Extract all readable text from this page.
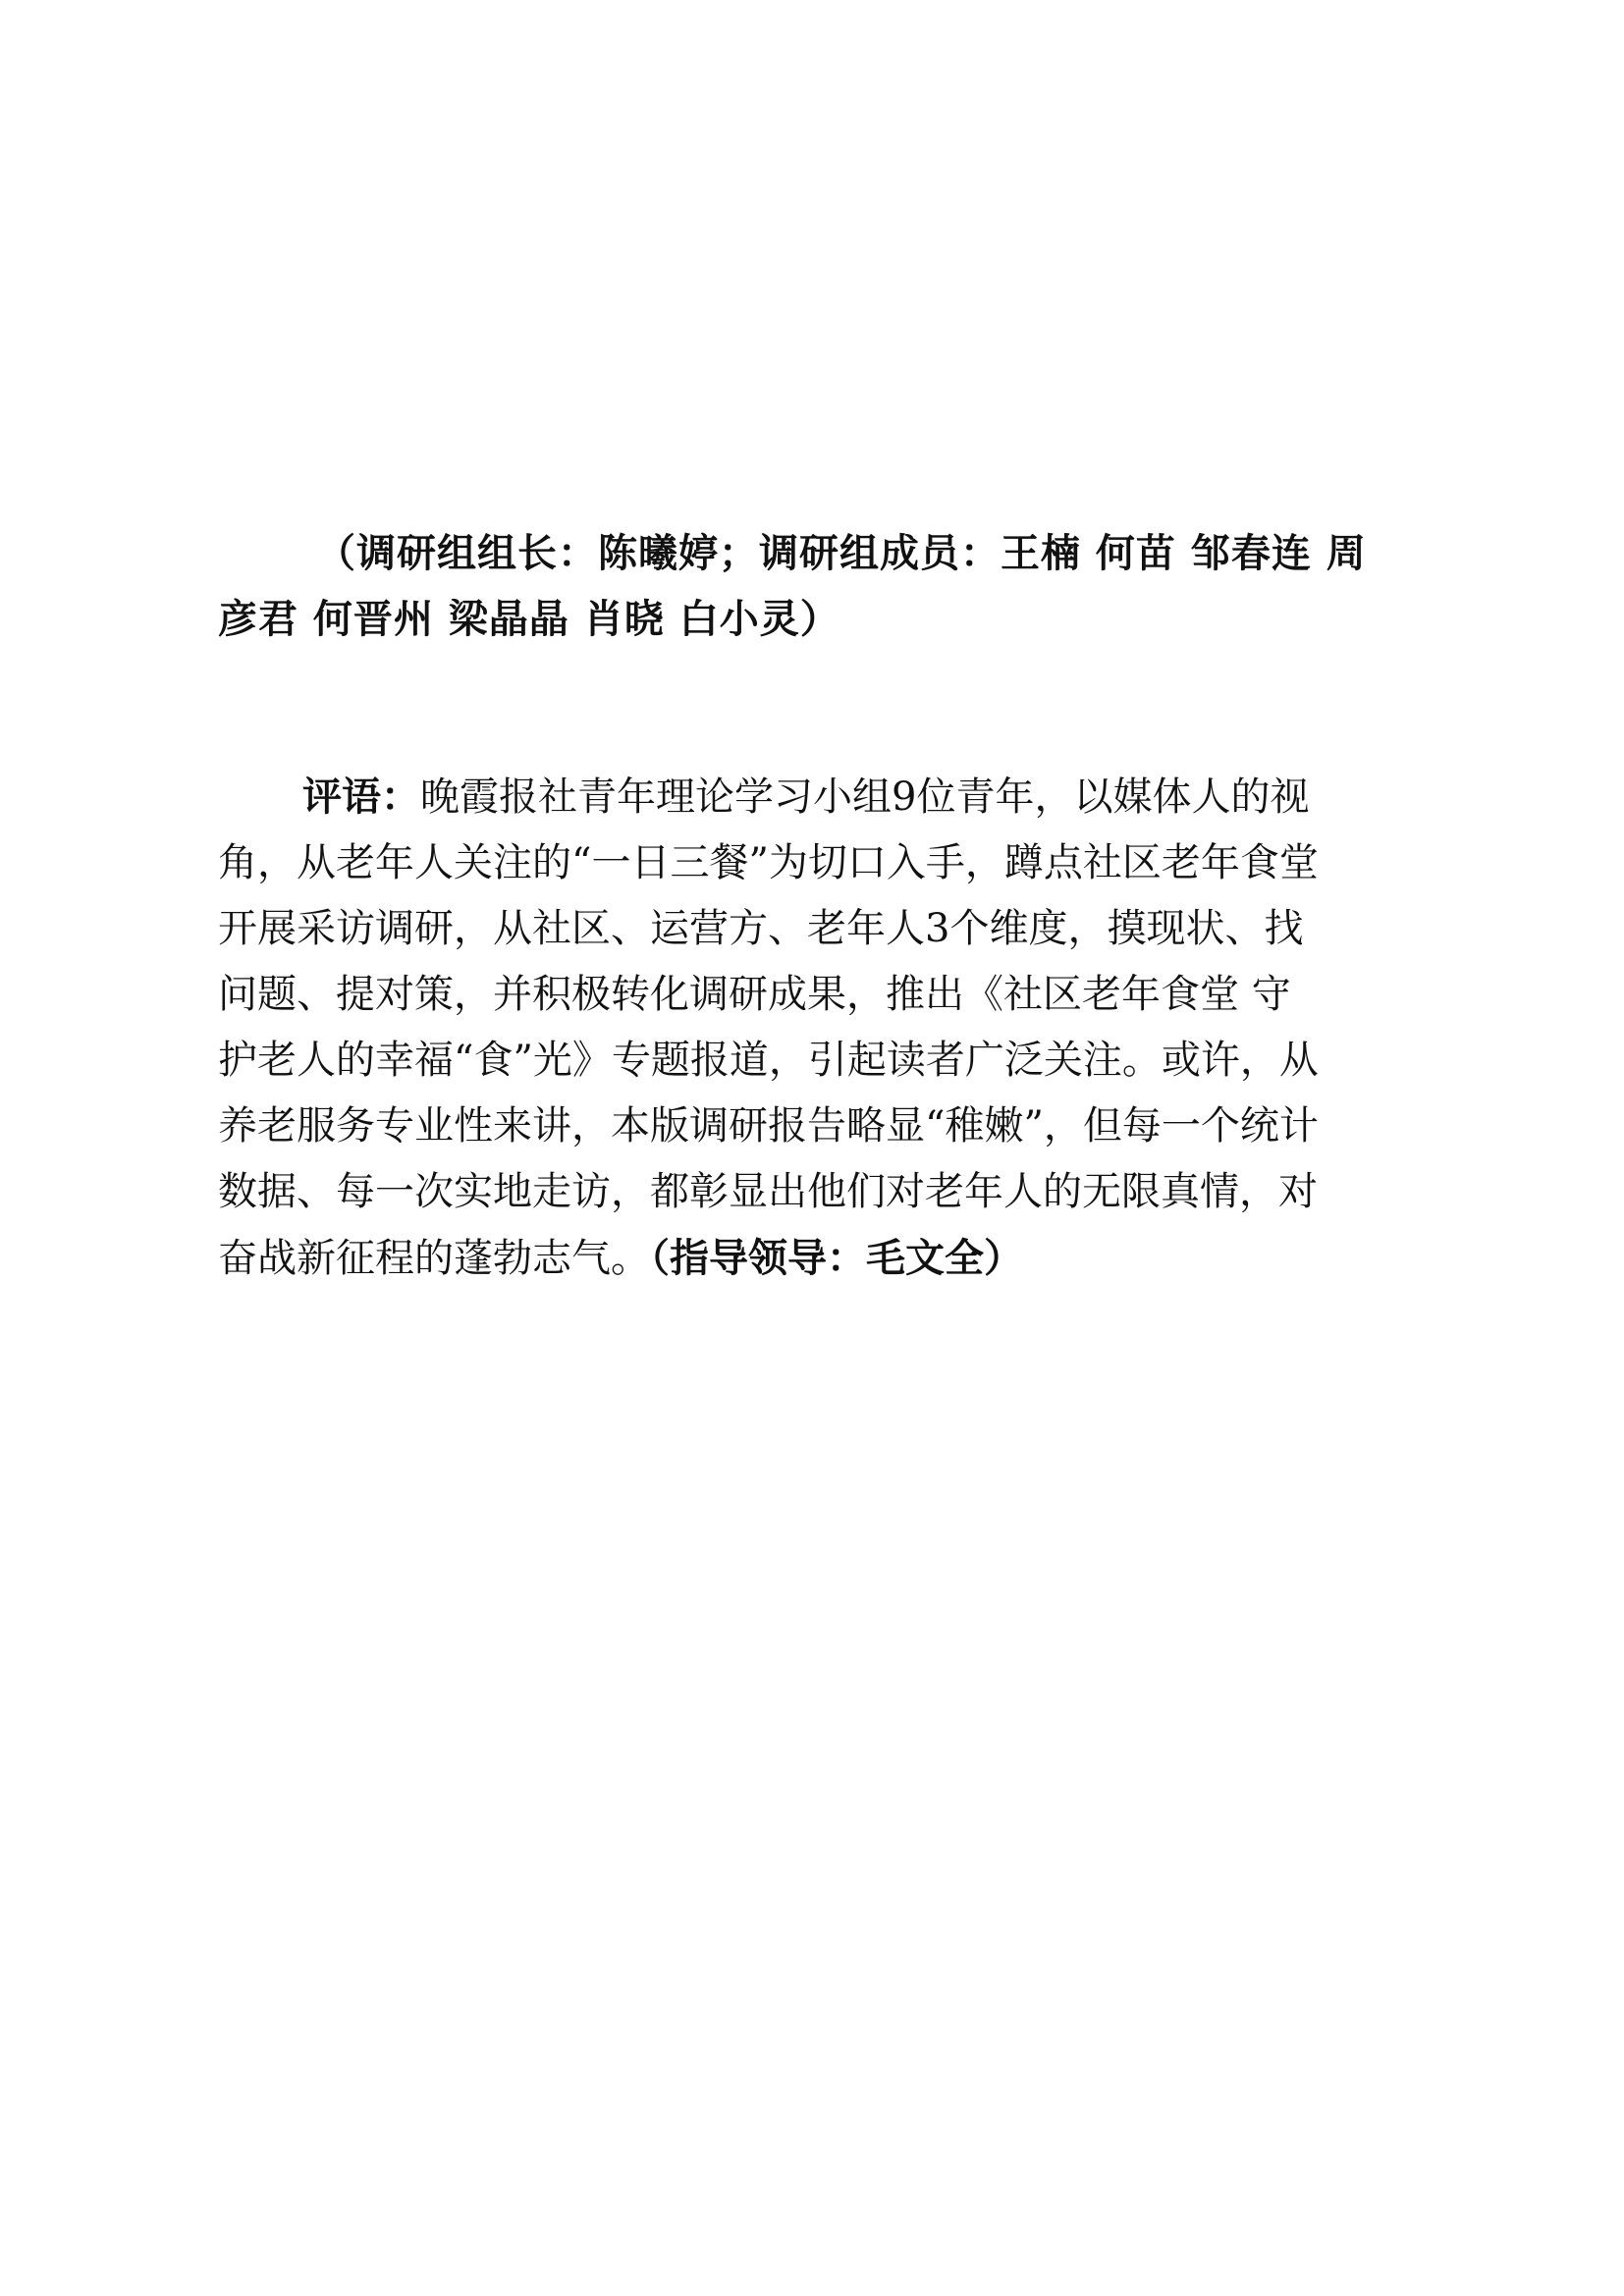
（调研组组长：陈曦婷；调研组成员：王楠 何苗 邹春连 周
彦君 何晋州 梁晶晶 肖晓 白小灵）
评语：晚霞报社青年理论学习小组9位青年，以媒体人的视
角，从老年人关注的“一日三餐”为切口入手，蹲点社区老年食堂
开展采访调研，从社区、运营方、老年人3个维度，摸现状、找
问题、提对策，并积极转化调研成果，推出《社区老年食堂 守
护老人的幸福“食”光》专题报道，引起读者广泛关注。或许，从
养老服务专业性来讲，本版调研报告略显“稚嫩”，但每一个统计
数据、每一次实地走访，都彰显出他们对老年人的无限真情，对
奋战新征程的蓬勃志气。（指导领导：毛文全）
